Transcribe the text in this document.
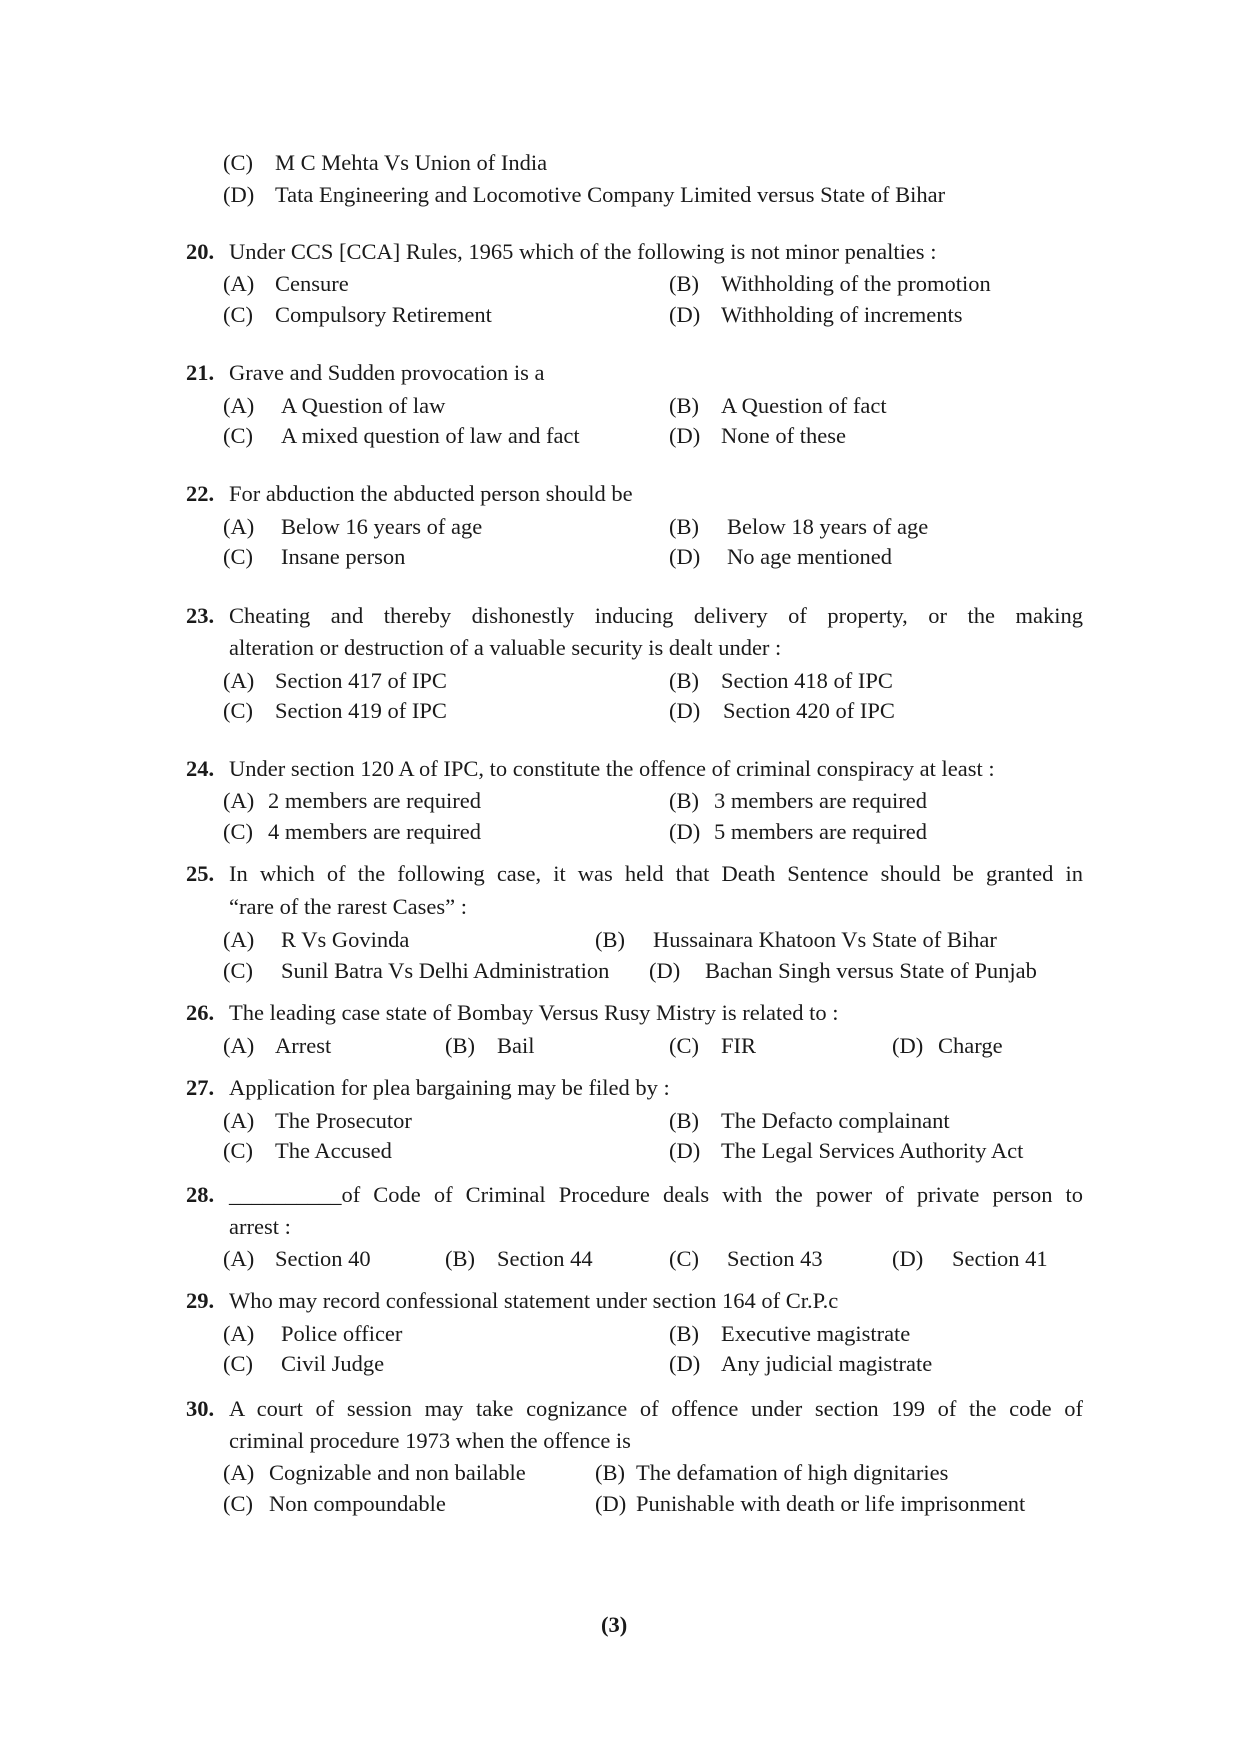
(C) M C Mehta Vs Union of India
(D) Tata Engineering and Locomotive Company Limited versus State of Bihar
20. Under CCS [CCA] Rules, 1965 which of the following is not minor penalties :
(A) Censure	(B) Withholding of the promotion
(C) Compulsory Retirement	(D) Withholding of increments
21. Grave and Sudden provocation is a
(A) A Question of law	(B) A Question of fact
(C) A mixed question of law and fact	(D) None of these
22. For abduction the abducted person should be
(A) Below 16 years of age	(B) Below 18 years of age
(C) Insane person	(D) No age mentioned
23. Cheating and thereby dishonestly inducing delivery of property, or the making
alteration or destruction of a valuable security is dealt under :
(A) Section 417 of IPC	(B) Section 418 of IPC
(C) Section 419 of IPC	(D) Section 420 of IPC
24. Under section 120 A of IPC, to constitute the offence of criminal conspiracy at least :
(A) 2 members are required	(B) 3 members are required
(C) 4 members are required	(D) 5 members are required
25. In which of the following case, it was held that Death Sentence should be granted in
“rare of the rarest Cases” :
(A) R Vs Govinda	(B) Hussainara Khatoon Vs State of Bihar
(C) Sunil Batra Vs Delhi Administration (D) Bachan Singh versus State of Punjab
26. The leading case state of Bombay Versus Rusy Mistry is related to :
(A) Arrest	(B) Bail	(C) FIR	(D) Charge
27. Application for plea bargaining may be filed by :
(A) The Prosecutor	(B) The Defacto complainant
(C) The Accused	(D) The Legal Services Authority Act
28. __________of Code of Criminal Procedure deals with the power of private person to
arrest :
(A) Section 40	(B) Section 44	(C) Section 43	(D) Section 41
29. Who may record confessional statement under section 164 of Cr.P.c
(A) Police officer	(B) Executive magistrate
(C) Civil Judge	(D) Any judicial magistrate
30. A court of session may take cognizance of offence under section 199 of the code of
criminal procedure 1973 when the offence is
(A) Cognizable and non bailable	(B) The defamation of high dignitaries
(C) Non compoundable	(D) Punishable with death or life imprisonment
(3)
